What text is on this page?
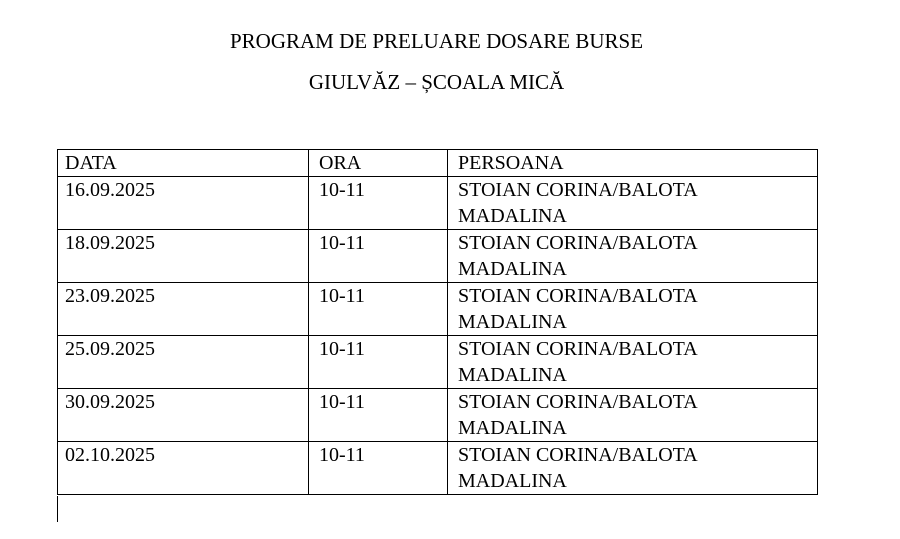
PROGRAM DE PRELUARE DOSARE BURSE
GIULVĂZ – ȘCOALA MICĂ
DATA	ORA	PERSOANA
16.09.2025	10-11	STOIAN CORINA/BALOTA
MADALINA
18.09.2025	10-11	STOIAN CORINA/BALOTA
MADALINA
23.09.2025	10-11	STOIAN CORINA/BALOTA
MADALINA
25.09.2025	10-11	STOIAN CORINA/BALOTA
MADALINA
30.09.2025	10-11	STOIAN CORINA/BALOTA
MADALINA
02.10.2025	10-11	STOIAN CORINA/BALOTA
MADALINA
